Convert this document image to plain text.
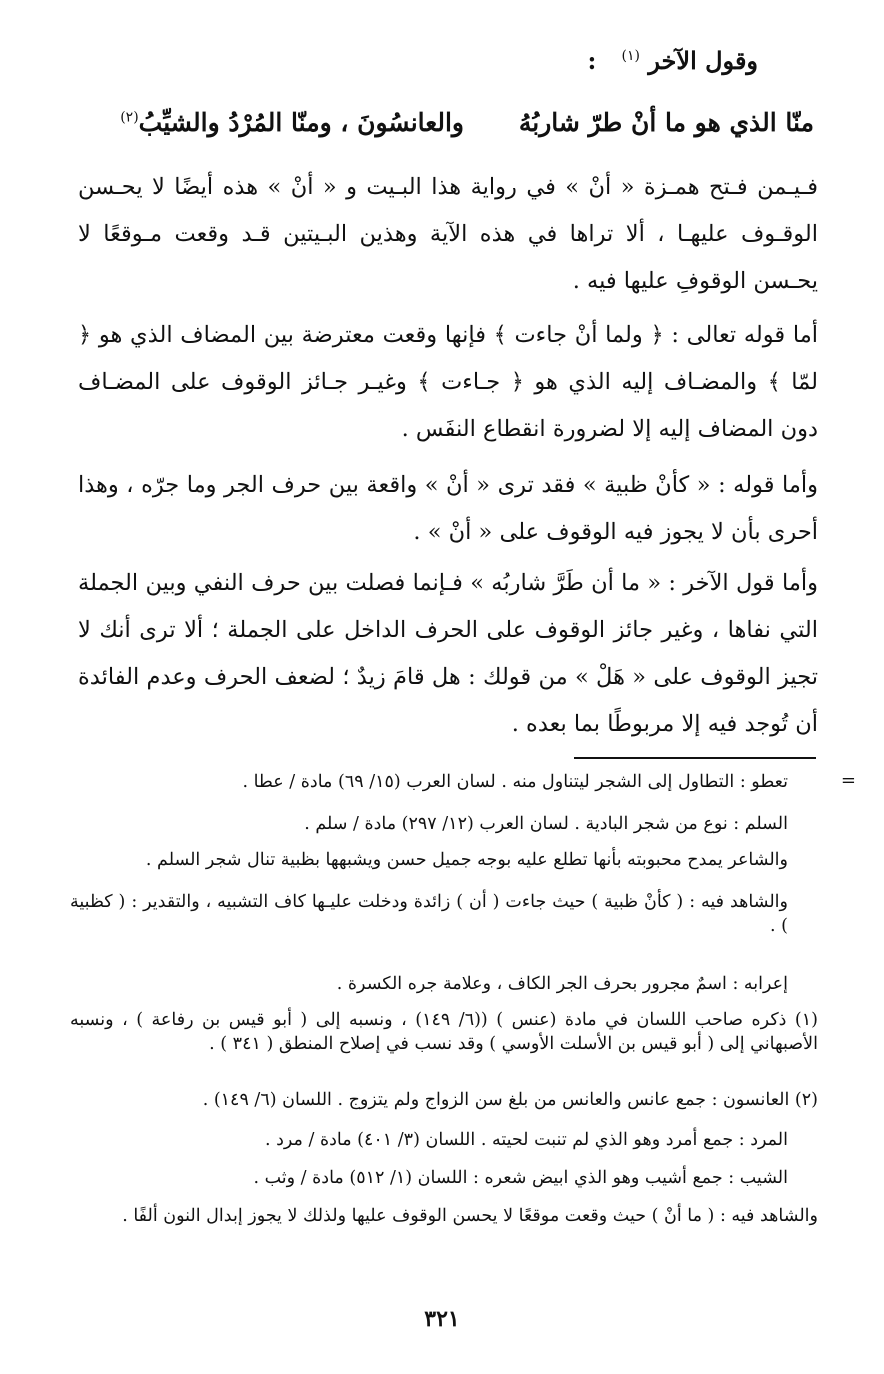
وقول الآخر $^{(١)}$   :
منّا الذي هو ما أنْ طرّ شاربُهُ
والعانسُونَ ، ومنّا المُرْدُ والشيِّبُ$^{(٢)}$

فـيـمن فـتح همـزة « أنْ » في رواية هذا البـيت و « أنْ » هذه أيضًا لا يحـسن الوقـوف عليهـا ، ألا تراها في هذه الآية وهذين البـيتين قـد وقعت مـوقعًا لا يحـسن الوقوفِ عليها فيه .

أما قوله تعالى : ﴿ ولما أنْ جاءت ﴾ فإنها وقعت معترضة بين المضاف الذي هو ﴿ لمّا ﴾ والمضـاف إليه الذي هو ﴿ جـاءت ﴾ وغيـر جـائز الوقوف على المضـاف دون المضاف إليه إلا لضرورة انقطاع النفَس .

وأما قوله : « كأنْ ظبية » فقد ترى « أنْ » واقعة بين حرف الجر وما جرّه ، وهذا أحرى بأن لا يجوز فيه الوقوف على « أنْ » .

وأما قول الآخر : « ما أن طَرَّ شاربُه » فـإنما فصلت بين حرف النفي وبين الجملة التي نفاها ، وغير جائز الوقوف على الحرف الداخل على الجملة ؛ ألا ترى أنك لا تجيز الوقوف على « هَلْ » من قولك : هل قامَ زيدٌ ؛ لضعف الحرف وعدم الفائدة أن تُوجد فيه إلا مربوطًا بما بعده .

=

تعطو : التطاول إلى الشجر ليتناول منه . لسان العرب (١٥/ ٦٩) مادة / عطا .

السلم : نوع من شجر البادية . لسان العرب (١٢/ ٢٩٧) مادة / سلم .

والشاعر يمدح محبوبته بأنها تطلع عليه بوجه جميل حسن ويشبهها بظبية تنال شجر السلم .

والشاهد فيه : ( كأنْ ظبية ) حيث جاءت ( أن ) زائدة ودخلت عليـها كاف التشبيه ، والتقدير : ( كظبية ) .

إعرابه : اسمٌ مجرور بحرف الجر الكاف ، وعلامة جره الكسرة .

(١) ذكره صاحب اللسان في مادة (عنس ) ((٦/ ١٤٩) ، ونسبه إلى ( أبو قيس بن رفاعة ) ، ونسبه الأصبهاني إلى ( أبو قيس بن الأسلت الأوسي ) وقد نسب في إصلاح المنطق ( ٣٤١ ) .

(٢) العانسون : جمع عانس والعانس من بلغ سن الزواج ولم يتزوج . اللسان (٦/ ١٤٩) .

المرد : جمع أمرد وهو الذي لم تنبت لحيته . اللسان (٣/ ٤٠١) مادة / مرد .

الشيب : جمع أشيب وهو الذي ابيض شعره : اللسان (١/ ٥١٢) مادة / وثب .

والشاهد فيه : ( ما أنْ ) حيث وقعت موقعًا لا يحسن الوقوف عليها ولذلك لا يجوز إبدال النون ألفًا .

٣٢١
